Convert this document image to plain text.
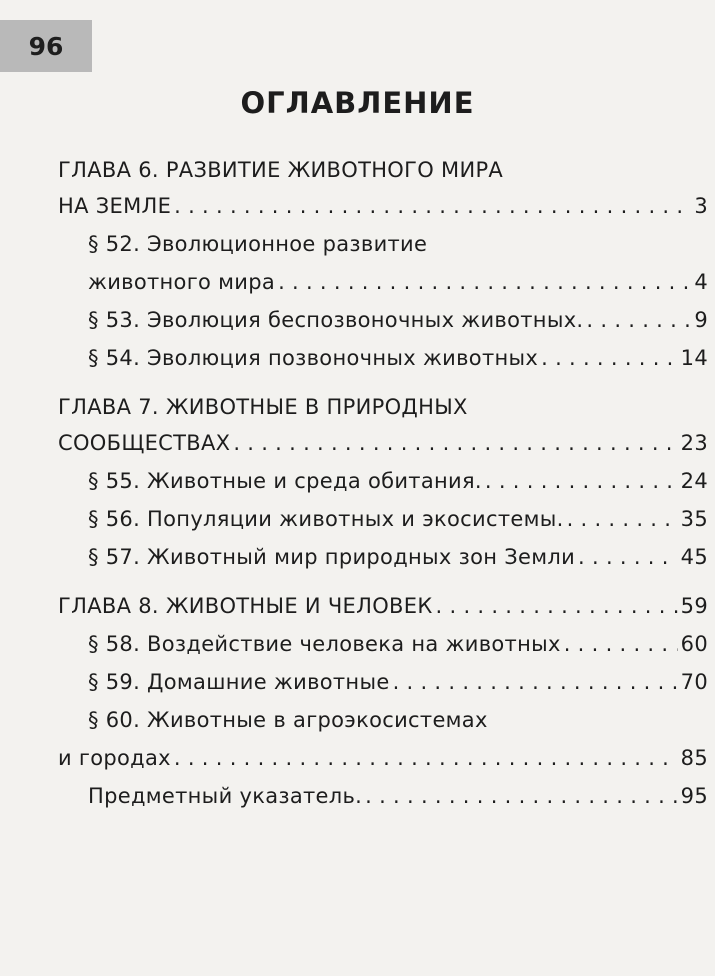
96
ОГЛАВЛЕНИЕ
ГЛАВА 6. РАЗВИТИЕ ЖИВОТНОГО МИРА
НА ЗЕМЛЕ . . .	3
§ 52. Эволюционное развитие
животного мира . . .	4
§ 53. Эволюция беспозвоночных животных. . . .	9
§ 54. Эволюция позвоночных животных . . .	14
ГЛАВА 7. ЖИВОТНЫЕ В ПРИРОДНЫХ
СООБЩЕСТВАХ . . .	23
§ 55. Животные и среда обитания. . . .	24
§ 56. Популяции животных и экосистемы. . . .	35
§ 57. Животный мир природных зон Земли . . .	45
ГЛАВА 8. ЖИВОТНЫЕ И ЧЕЛОВЕК . . .	59
§ 58. Воздействие человека на животных . . .	60
§ 59. Домашние животные . . .	70
§ 60. Животные в агроэкосистемах
и городах . . .	85
Предметный указатель. . . .	95
